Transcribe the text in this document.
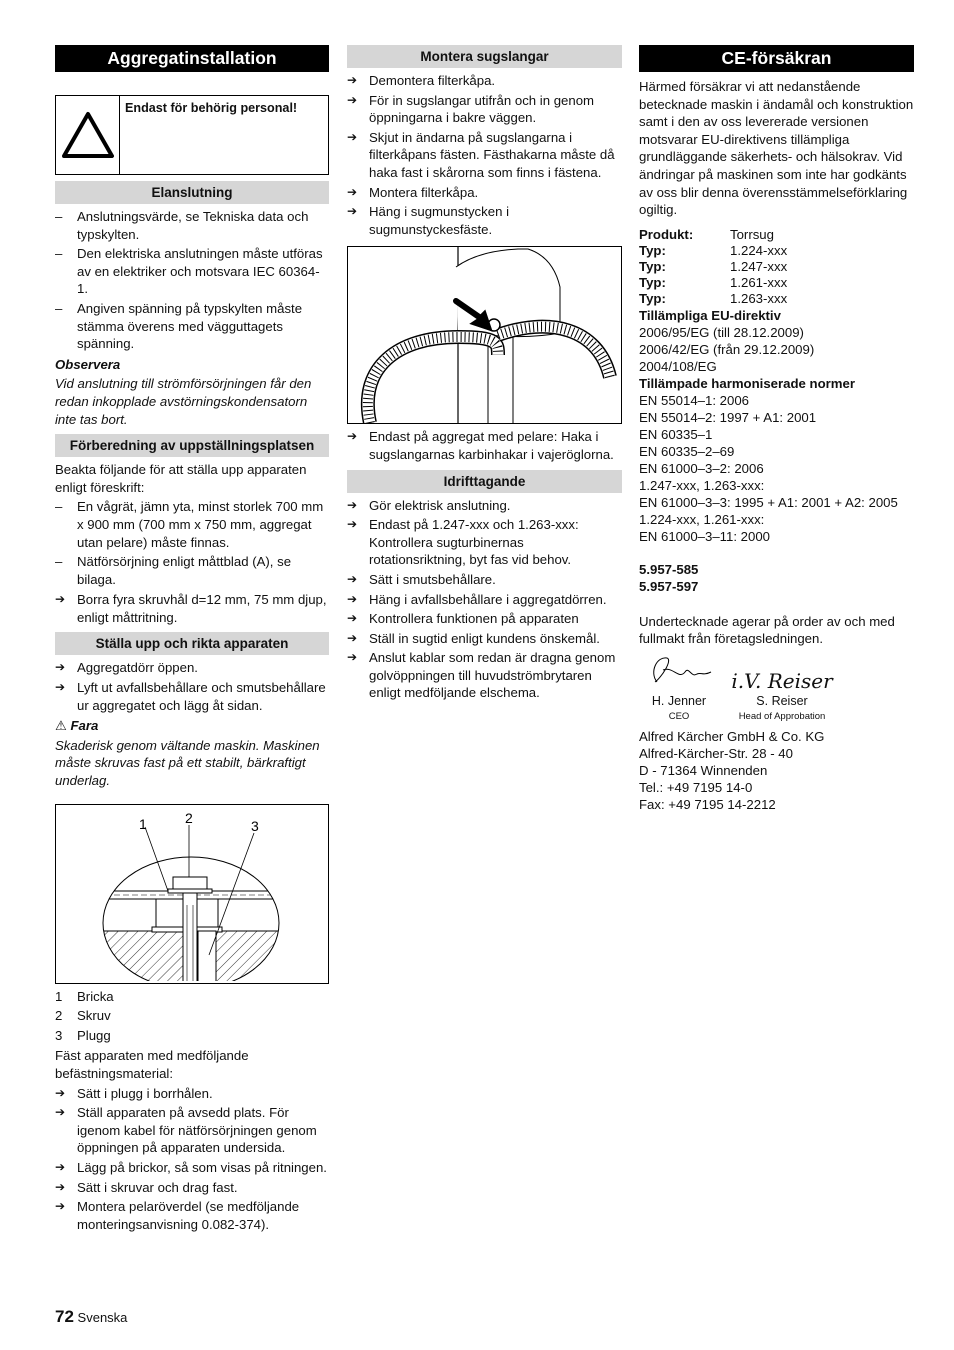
Aggregatinstallation
Endast för behörig personal!
Elanslutning
–	Anslutningsvärde, se Tekniska data och typskylten.
–	Den elektriska anslutningen måste utföras av en elektriker och motsvara IEC 60364-1.
–	Angiven spänning på typskylten måste stämma överens med vägguttagets spänning.

Observera

Vid anslutning till strömförsörjningen får den redan inkopplade avstörningskondensatorn inte tas bort.

Förberedning av uppställningsplatsen

Beakta följande för att ställa upp apparaten enligt föreskrift:

–	En vågrät, jämn yta, minst storlek 700 mm x 900 mm (700 mm x 750 mm, aggregat utan pelare) måste finnas.
–	Nätförsörjning enligt måttblad (A), se bilaga.
➔ Borra fyra skruvhål d=12 mm, 75 mm djup, enligt måttritning.
Ställa upp och rikta apparaten
➔ Aggregatdörr öppen.
➔ Lyft ut avfallsbehållare och smutsbehållare ur aggregatet och lägg åt sidan.

⚠ Fara

Skaderisk genom vältande maskin. Maskinen måste skruvas fast på ett stabilt, bärkraftigt underlag.

1	2	3
1	Bricka
2	Skruv
3	Plugg

Fäst apparaten med medföljande befästningsmaterial:

➔ Sätt i plugg i borrhålen.
➔ Ställ apparaten på avsedd plats. För igenom kabel för nätförsörjningen genom öppningen på apparaten undersida.
➔ Lägg på brickor, så som visas på ritningen.
➔ Sätt i skruvar och drag fast.
➔ Montera pelaröverdel (se medföljande monteringsanvisning 0.082-374).
Montera sugslangar
➔ Demontera filterkåpa.
➔ För in sugslangar utifrån och in genom öppningarna i bakre väggen.
➔ Skjut in ändarna på sugslangarna i filterkåpans fästen. Fästhakarna måste då haka fast i skårorna som finns i fästena.
➔ Montera filterkåpa.
➔ Häng i sugmunstycken i sugmunstyckesfäste.
➔ Endast på aggregat med pelare: Haka i sugslangarnas karbinhakar i vajeröglorna.
Idrifttagande
➔ Gör elektrisk anslutning.
➔ Endast på 1.247-xxx och 1.263-xxx: Kontrollera sugturbinernas rotationsriktning, byt fas vid behov.
➔ Sätt i smutsbehållare.
➔ Häng i avfallsbehållare i aggregatdörren.
➔ Kontrollera funktionen på apparaten
➔ Ställ in sugtid enligt kundens önskemål.
➔ Anslut kablar som redan är dragna genom golvöppningen till huvudströmbrytaren enligt medföljande elschema.
CE-försäkran

Härmed försäkrar vi att nedanstående betecknade maskin i ändamål och konstruktion samt i den av oss levererade versionen motsvarar EU-direktivens tillämpliga grundläggande säkerhets- och hälsokrav. Vid ändringar på maskinen som inte har godkänts av oss blir denna överensstämmelseförklaring ogiltig.

Produkt:	Torrsug
Typ:	1.224-xxx
Typ:	1.247-xxx
Typ:	1.261-xxx
Typ:	1.263-xxx
Tillämpliga EU-direktiv
2006/95/EG (till 28.12.2009)
2006/42/EG (från 29.12.2009)
2004/108/EG
Tillämpade harmoniserade normer
EN 55014–1: 2006
EN 55014–2: 1997 + A1: 2001
EN 60335–1
EN 60335–2–69
EN 61000–3–2: 2006
1.247-xxx, 1.263-xxx:
EN 61000–3–3: 1995 + A1: 2001 + A2: 2005
1.224-xxx, 1.261-xxx:
EN 61000–3–11: 2000
5.957-585
5.957-597

Undertecknade agerar på order av och med fullmakt från företagsledningen.

H. Jenner
CEO
i.V. Reiser
S. Reiser
Head of Approbation
Alfred Kärcher GmbH & Co. KG
Alfred-Kärcher-Str. 28 - 40
D - 71364 Winnenden
Tel.: +49 7195 14-0
Fax: +49 7195 14-2212
72 Svenska
